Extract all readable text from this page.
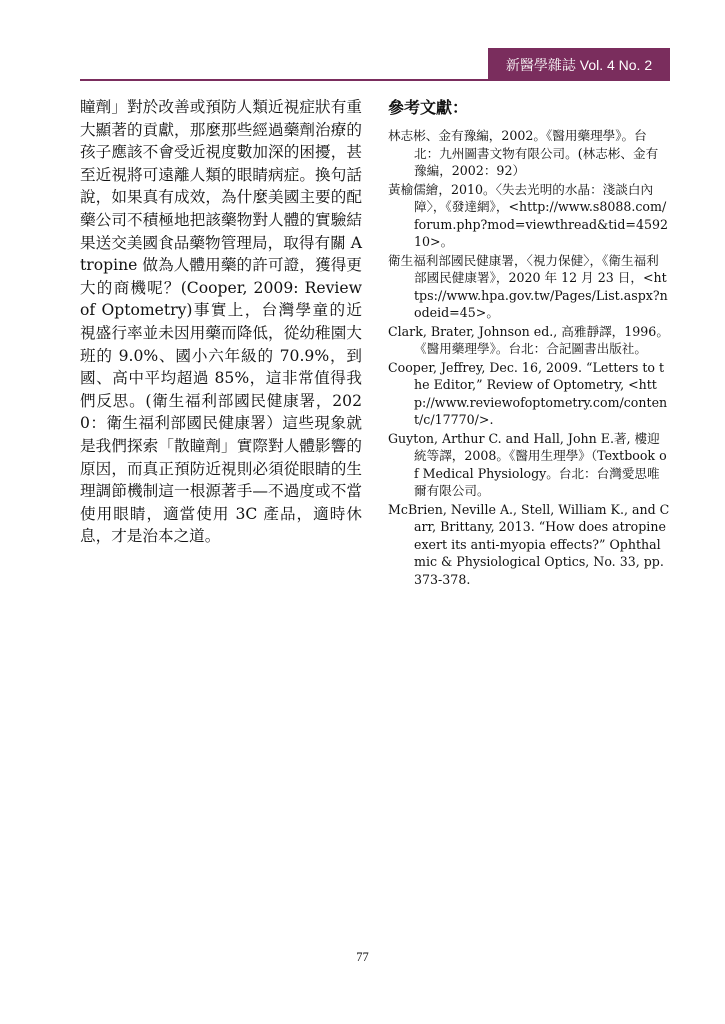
新醫學雜誌 Vol. 4 No. 2

瞳劑」對於改善或預防人類近視症狀有重大顯著的貢獻，那麼那些經過藥劑治療的孩子應該不會受近視度數加深的困擾，甚至近視將可遠離人類的眼睛病症。換句話說，如果真有成效，為什麼美國主要的配藥公司不積極地把該藥物對人體的實驗結果送交美國食品藥物管理局，取得有關 Atropine 做為人體用藥的許可證，獲得更大的商機呢？(Cooper, 2009: Review of Optometry)事實上，台灣學童的近視盛行率並未因用藥而降低，從幼稚園大班的 9.0%、國小六年級的 70.9%，到國、高中平均超過 85%，這非常值得我們反思。(衛生福利部國民健康署，2020：衛生福利部國民健康署）這些現象就是我們探索「散瞳劑」實際對人體影響的原因，而真正預防近視則必須從眼睛的生理調節機制這一根源著手—不過度或不當使用眼睛，適當使用 3C 產品，適時休息，才是治本之道。

參考文獻：
林志彬、金有豫編，2002。《醫用藥理學》。台北：九州圖書文物有限公司。(林志彬、金有豫編，2002：92）
黃榆儒繪，2010。〈失去光明的水晶：淺談白內障〉，《發達網》，<http://www.s8088.com/forum.php?mod=viewthread&tid=459210>。
衛生福利部國民健康署，〈視力保健〉，《衛生福利部國民健康署》，2020 年 12 月 23 日，<https://www.hpa.gov.tw/Pages/List.aspx?nodeid=45>。
Clark, Brater, Johnson ed., 高雅靜譯，1996。《醫用藥理學》。台北：合記圖書出版社。
Cooper, Jeffrey, Dec. 16, 2009. “Letters to the Editor,” Review of Optometry, <http://www.reviewofoptometry.com/content/c/17770/>.
Guyton, Arthur C. and Hall, John E.著, 樓迎統等譯，2008。《醫用生理學》（Textbook of Medical Physiology。台北：台灣愛思唯爾有限公司。
McBrien, Neville A., Stell, William K., and Carr, Brittany, 2013. “How does atropine exert its anti-myopia effects?” Ophthalmic & Physiological Optics, No. 33, pp. 373-378.
77
